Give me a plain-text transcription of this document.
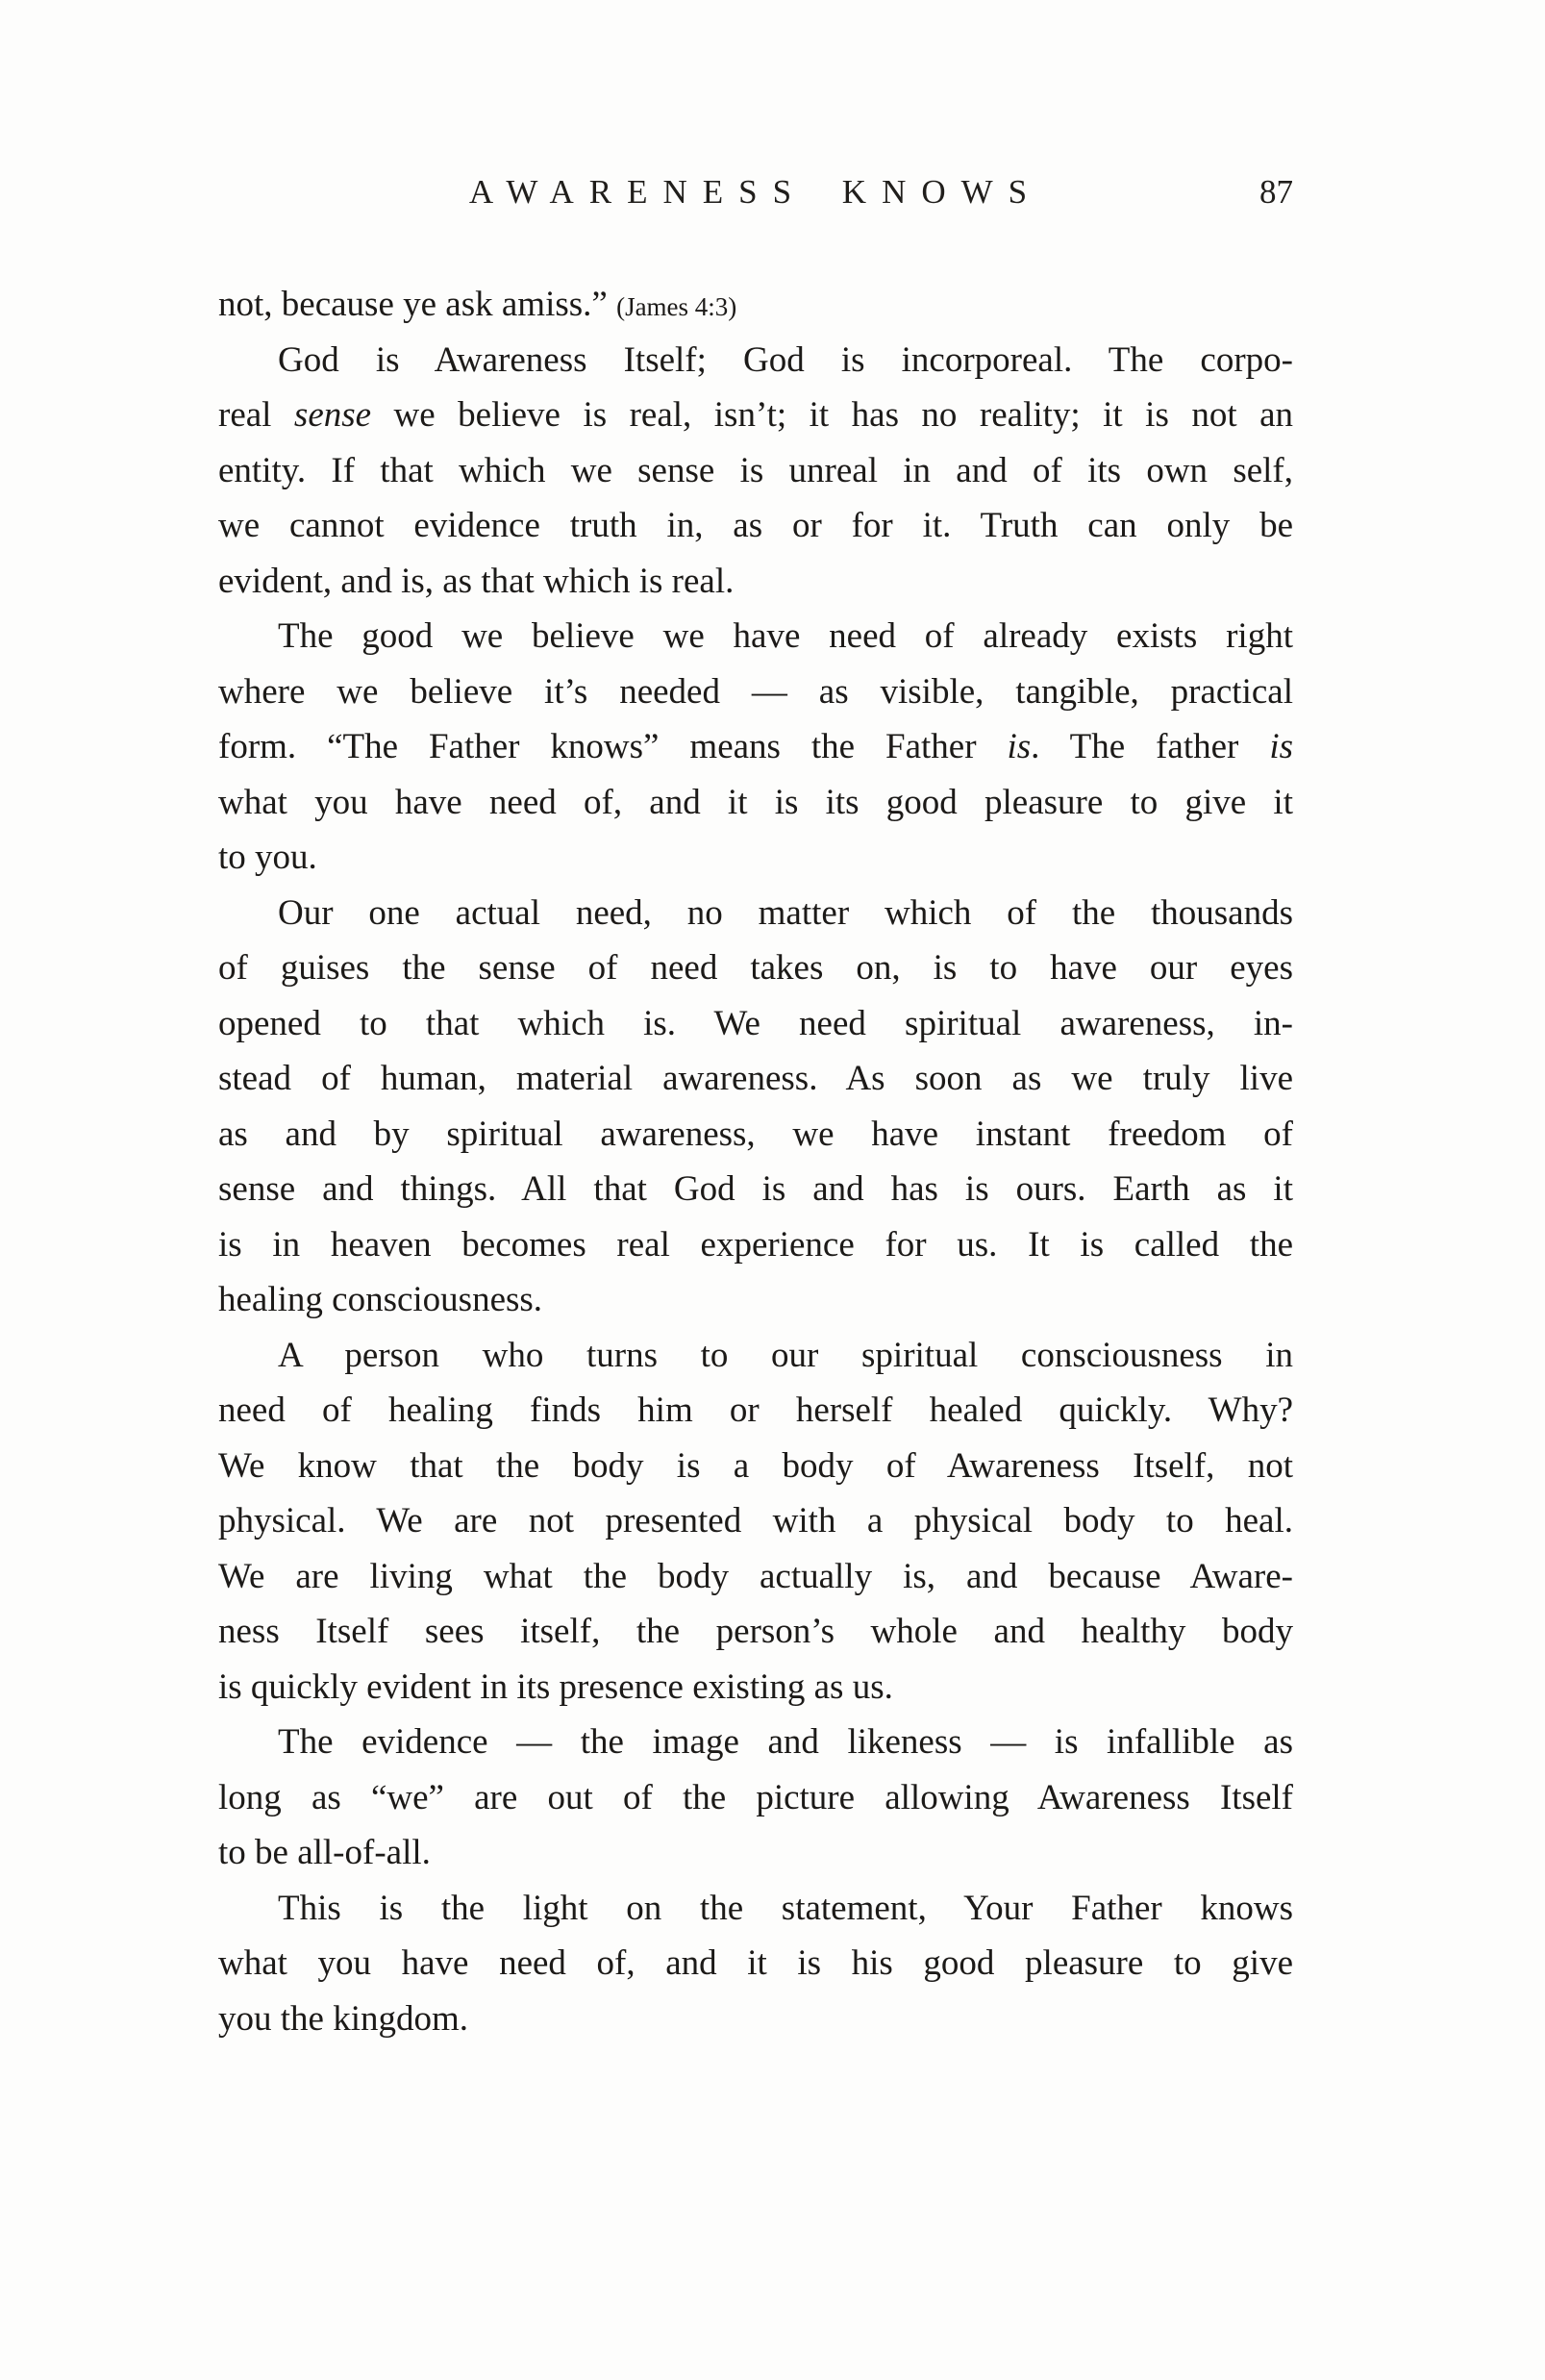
AWARENESS KNOWS	87
not, because ye ask amiss.” (James 4:3)
God is Awareness Itself; God is incorporeal. The corpo-
real sense we believe is real, isn’t; it has no reality; it is not an
entity. If that which we sense is unreal in and of its own self,
we cannot evidence truth in, as or for it. Truth can only be
evident, and is, as that which is real.
The good we believe we have need of already exists right
where we believe it’s needed — as visible, tangible, practical
form. “The Father knows” means the Father is. The father is
what you have need of, and it is its good pleasure to give it
to you.
Our one actual need, no matter which of the thousands
of guises the sense of need takes on, is to have our eyes
opened to that which is. We need spiritual awareness, in-
stead of human, material awareness. As soon as we truly live
as and by spiritual awareness, we have instant freedom of
sense and things. All that God is and has is ours. Earth as it
is in heaven becomes real experience for us. It is called the
healing consciousness.
A person who turns to our spiritual consciousness in
need of healing finds him or herself healed quickly. Why?
We know that the body is a body of Awareness Itself, not
physical. We are not presented with a physical body to heal.
We are living what the body actually is, and because Aware-
ness Itself sees itself, the person’s whole and healthy body
is quickly evident in its presence existing as us.
The evidence — the image and likeness — is infallible as
long as “we” are out of the picture allowing Awareness Itself
to be all-of-all.
This is the light on the statement, Your Father knows
what you have need of, and it is his good pleasure to give
you the kingdom.
